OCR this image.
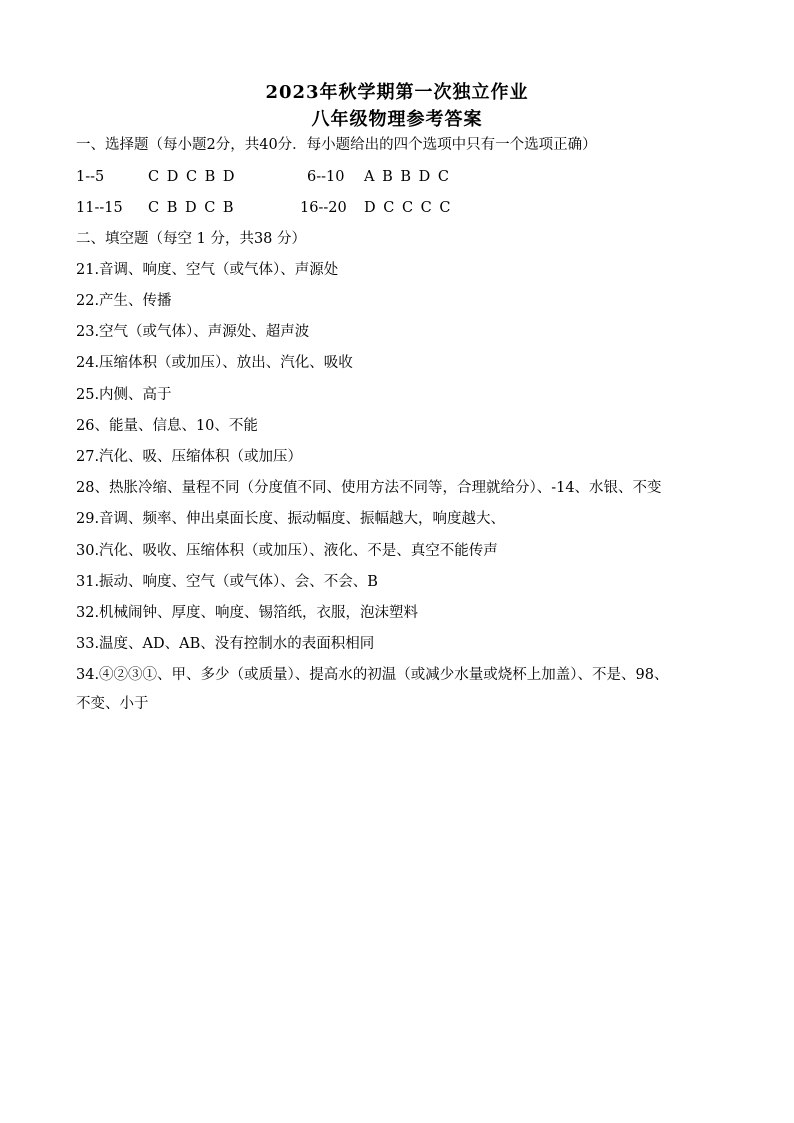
2023年秋学期第一次独立作业
八年级物理参考答案
一、选择题（每小题2分，共40分．每小题给出的四个选项中只有一个选项正确）
1--5	C D C B D	6--10 A B B D C
11--15 C B D C B	16--20 D C C C C
二、填空题（每空 1 分，共38 分）
21.音调、响度、空气（或气体）、声源处
22.产生、传播
23.空气（或气体）、声源处、超声波
24.压缩体积（或加压）、放出、汽化、吸收
25.内侧、高于
26、能量、信息、10、不能
27.汽化、吸、压缩体积（或加压）
28、热胀冷缩、量程不同（分度值不同、使用方法不同等，合理就给分）、-14、水银、不变
29.音调、频率、伸出桌面长度、振动幅度、振幅越大，响度越大、
30.汽化、吸收、压缩体积（或加压）、液化、不是、真空不能传声
31.振动、响度、空气（或气体）、会、不会、B
32.机械闹钟、厚度、响度、锡箔纸，衣服，泡沫塑料
33.温度、AD、AB、没有控制水的表面积相同
34.④②③①、甲、多少（或质量）、提高水的初温（或减少水量或烧杯上加盖）、不是、98、
不变、小于
